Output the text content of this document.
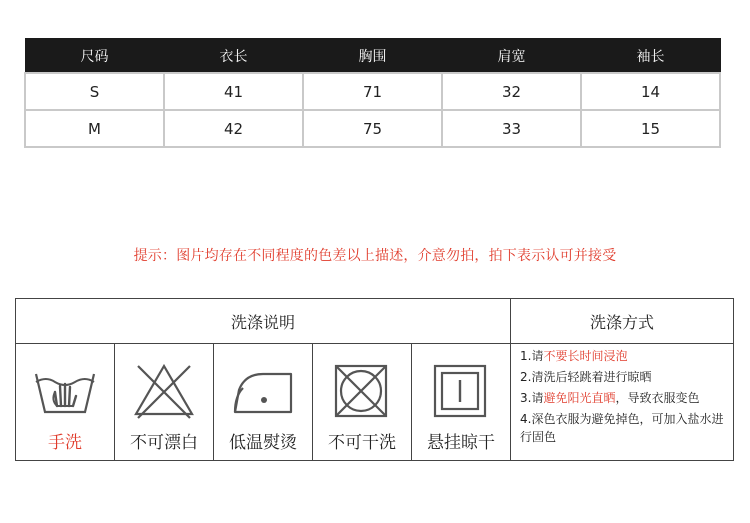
尺码	衣长	胸围	肩宽	袖长
S	41	71	32	14
M	42	75	33	15
提示：图片均存在不同程度的色差以上描述，介意勿拍，拍下表示认可并接受
洗涤说明	洗涤方式
手洗	不可漂白	低温熨烫	不可干洗	悬挂晾干
1.请不要长时间浸泡
2.清洗后轻跳着进行晾晒
3.请避免阳光直晒，导致衣服变色
4.深色衣服为避免掉色，可加入盐水进行固色
